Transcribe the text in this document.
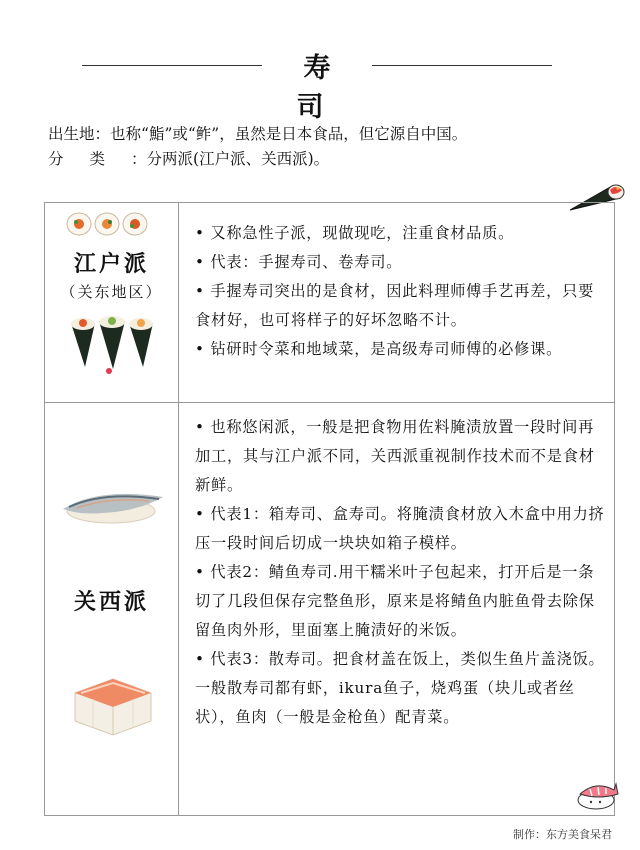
寿 司
出生地：也称“鮨”或“鲊”，虽然是日本食品，但它源自中国。
分类：分两派(江户派、关西派)。
江户派
（关东地区）

• 又称急性子派，现做现吃，注重食材品质。

• 代表：手握寿司、卷寿司。

• 手握寿司突出的是食材，因此料理师傅手艺再差，只要食材好，也可将样子的好坏忽略不计。

• 钻研时令菜和地域菜，是高级寿司师傅的必修课。

关西派

• 也称悠闲派，一般是把食物用佐料腌渍放置一段时间再加工，其与江户派不同，关西派重视制作技术而不是食材新鲜。

• 代表1：箱寿司、盒寿司。将腌渍食材放入木盒中用力挤压一段时间后切成一块块如箱子模样。

• 代表2：鲭鱼寿司.用干糯米叶子包起来，打开后是一条切了几段但保存完整鱼形，原来是将鲭鱼内脏鱼骨去除保留鱼肉外形，里面塞上腌渍好的米饭。

• 代表3：散寿司。把食材盖在饭上，类似生鱼片盖浇饭。一般散寿司都有虾，ikura鱼子，烧鸡蛋（块儿或者丝状），鱼肉（一般是金枪鱼）配青菜。

制作：东方美食呆君
